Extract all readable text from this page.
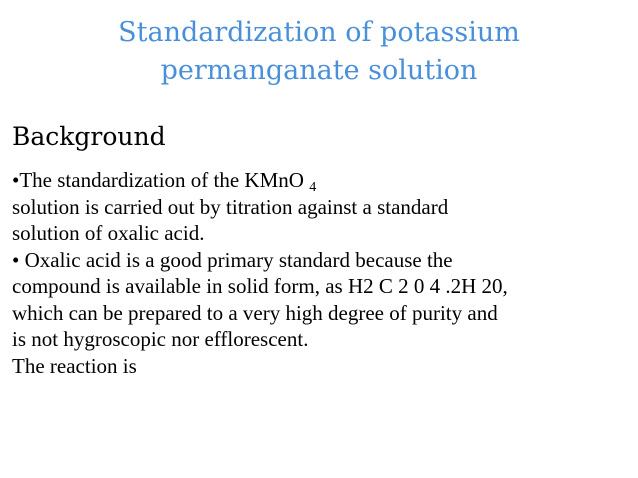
Standardization of potassium
permanganate solution
Background
•The standardization of the KMnO $_4$
solution is carried out by titration against a standard
solution of oxalic acid.
• Oxalic acid is a good primary standard because the
compound is available in solid form, as H2 C 2 0 4 .2H 20,
which can be prepared to a very high degree of purity and
is not hygroscopic nor efflorescent.
The reaction is
